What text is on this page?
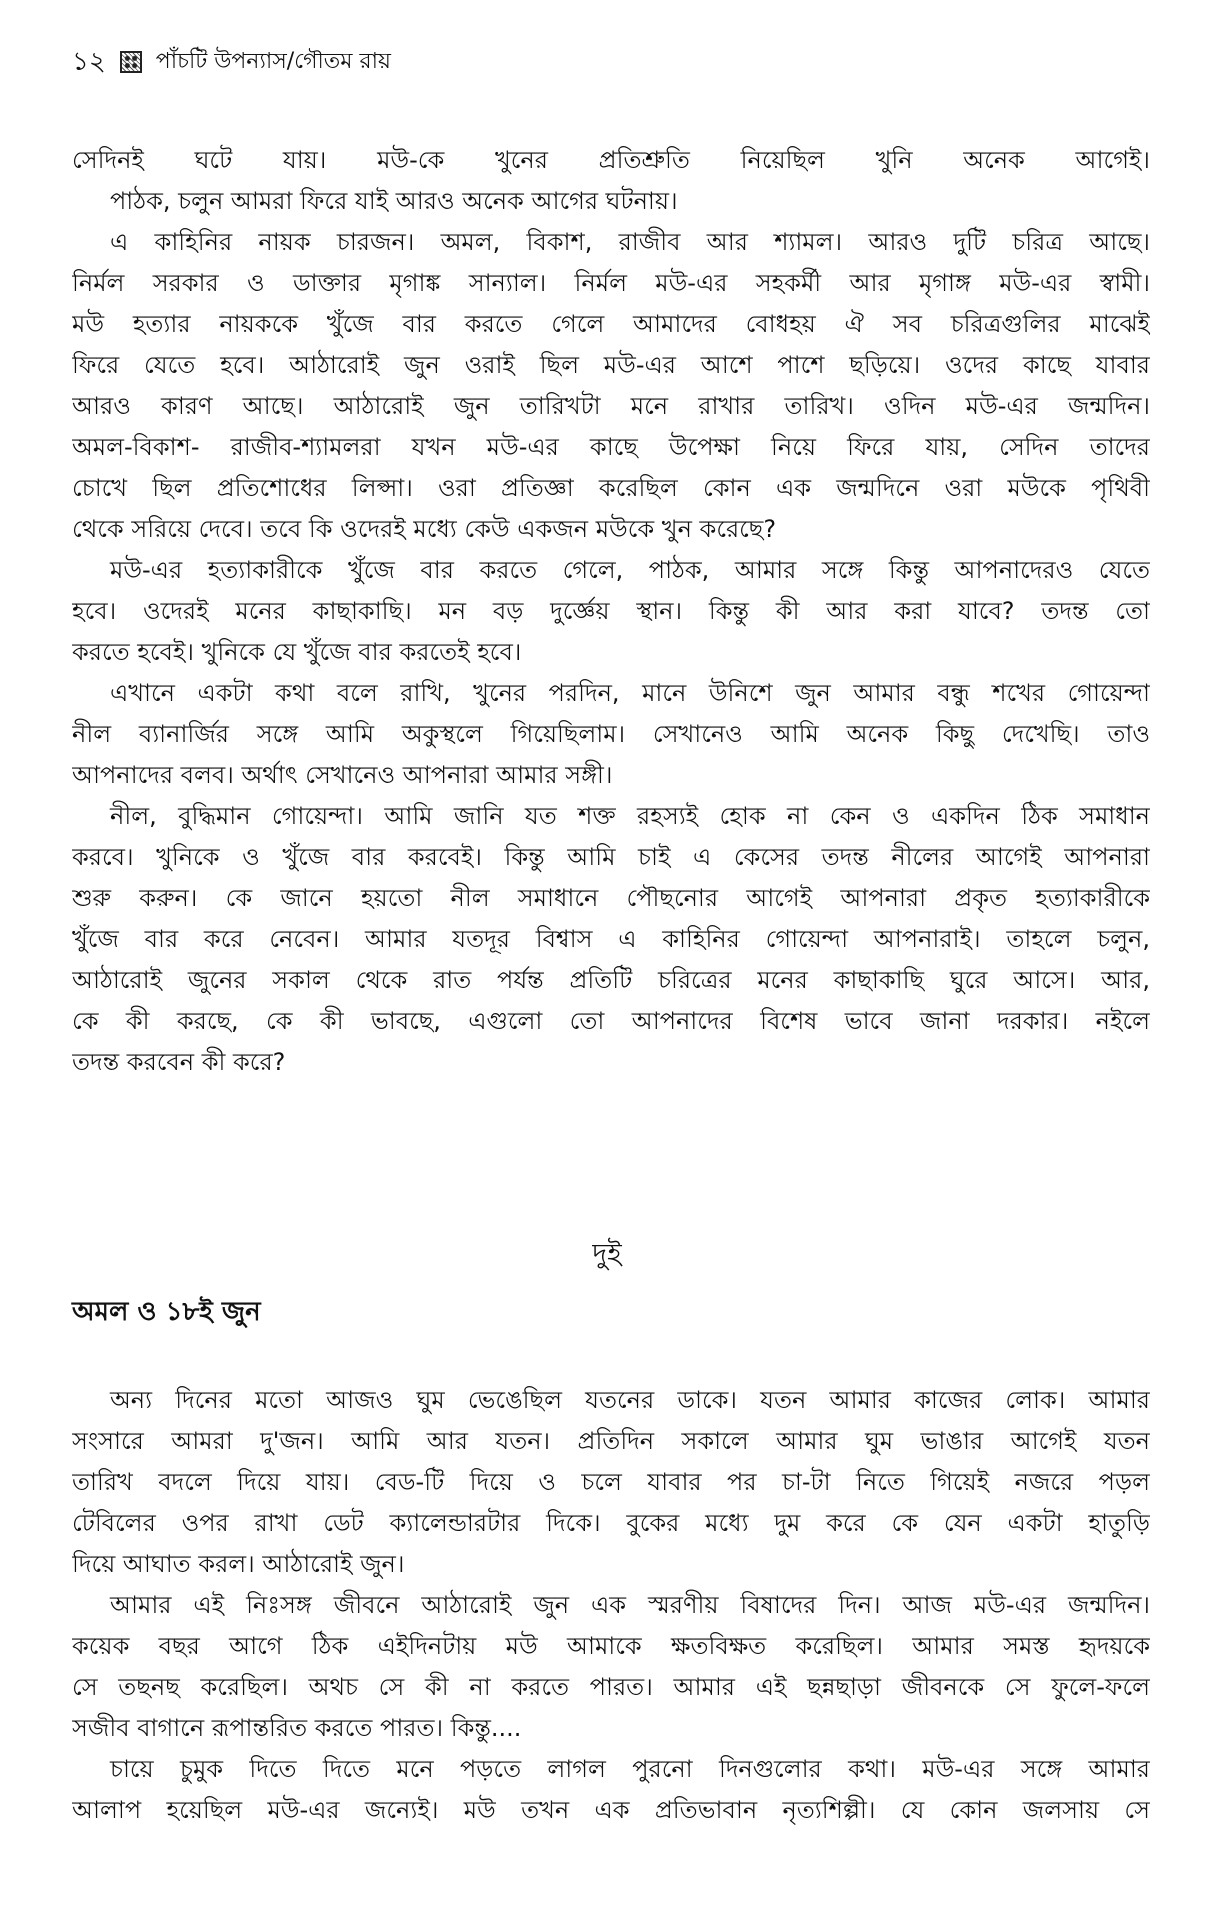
১২ পাঁচটি উপন্যাস/গৌতম রায়
সেদিনই ঘটে যায়। মউ-কে খুনের প্রতিশ্রুতি নিয়েছিল খুনি অনেক আগেই।
পাঠক, চলুন আমরা ফিরে যাই আরও অনেক আগের ঘটনায়।
এ কাহিনির নায়ক চারজন। অমল, বিকাশ, রাজীব আর শ্যামল। আরও দুটি চরিত্র আছে।
নির্মল সরকার ও ডাক্তার মৃগাঙ্ক সান্যাল। নির্মল মউ-এর সহকর্মী আর মৃগাঙ্গ মউ-এর স্বামী।
মউ হত্যার নায়ককে খুঁজে বার করতে গেলে আমাদের বোধহয় ঐ সব চরিত্রগুলির মাঝেই
ফিরে যেতে হবে। আঠারোই জুন ওরাই ছিল মউ-এর আশে পাশে ছড়িয়ে। ওদের কাছে যাবার
আরও কারণ আছে। আঠারোই জুন তারিখটা মনে রাখার তারিখ। ওদিন মউ-এর জন্মদিন।
অমল-বিকাশ- রাজীব-শ্যামলরা যখন মউ-এর কাছে উপেক্ষা নিয়ে ফিরে যায়, সেদিন তাদের
চোখে ছিল প্রতিশোধের লিপ্সা। ওরা প্রতিজ্ঞা করেছিল কোন এক জন্মদিনে ওরা মউকে পৃথিবী
থেকে সরিয়ে দেবে। তবে কি ওদেরই মধ্যে কেউ একজন মউকে খুন করেছে?
মউ-এর হত্যাকারীকে খুঁজে বার করতে গেলে, পাঠক, আমার সঙ্গে কিন্তু আপনাদেরও যেতে
হবে। ওদেরই মনের কাছাকাছি। মন বড় দুর্জ্ঞেয় স্থান। কিন্তু কী আর করা যাবে? তদন্ত তো
করতে হবেই। খুনিকে যে খুঁজে বার করতেই হবে।
এখানে একটা কথা বলে রাখি, খুনের পরদিন, মানে উনিশে জুন আমার বন্ধু শখের গোয়েন্দা
নীল ব্যানার্জির সঙ্গে আমি অকুস্থলে গিয়েছিলাম। সেখানেও আমি অনেক কিছু দেখেছি। তাও
আপনাদের বলব। অর্থাৎ সেখানেও আপনারা আমার সঙ্গী।
নীল, বুদ্ধিমান গোয়েন্দা। আমি জানি যত শক্ত রহস্যই হোক না কেন ও একদিন ঠিক সমাধান
করবে। খুনিকে ও খুঁজে বার করবেই। কিন্তু আমি চাই এ কেসের তদন্ত নীলের আগেই আপনারা
শুরু করুন। কে জানে হয়তো নীল সমাধানে পৌছনোর আগেই আপনারা প্রকৃত হত্যাকারীকে
খুঁজে বার করে নেবেন। আমার যতদূর বিশ্বাস এ কাহিনির গোয়েন্দা আপনারাই। তাহলে চলুন,
আঠারোই জুনের সকাল থেকে রাত পর্যন্ত প্রতিটি চরিত্রের মনের কাছাকাছি ঘুরে আসে। আর,
কে কী করছে, কে কী ভাবছে, এগুলো তো আপনাদের বিশেষ ভাবে জানা দরকার। নইলে
তদন্ত করবেন কী করে?
দুই
অমল ও ১৮ই জুন
অন্য দিনের মতো আজও ঘুম ভেঙেছিল যতনের ডাকে। যতন আমার কাজের লোক। আমার
সংসারে আমরা দু'জন। আমি আর যতন। প্রতিদিন সকালে আমার ঘুম ভাঙার আগেই যতন
তারিখ বদলে দিয়ে যায়। বেড-টি দিয়ে ও চলে যাবার পর চা-টা নিতে গিয়েই নজরে পড়ল
টেবিলের ওপর রাখা ডেট ক্যালেন্ডারটার দিকে। বুকের মধ্যে দুম করে কে যেন একটা হাতুড়ি
দিয়ে আঘাত করল। আঠারোই জুন।
আমার এই নিঃসঙ্গ জীবনে আঠারোই জুন এক স্মরণীয় বিষাদের দিন। আজ মউ-এর জন্মদিন।
কয়েক বছর আগে ঠিক এইদিনটায় মউ আমাকে ক্ষতবিক্ষত করেছিল। আমার সমস্ত হৃদয়কে
সে তছনছ করেছিল। অথচ সে কী না করতে পারত। আমার এই ছন্নছাড়া জীবনকে সে ফুলে-ফলে
সজীব বাগানে রূপান্তরিত করতে পারত। কিন্তু....
চায়ে চুমুক দিতে দিতে মনে পড়তে লাগল পুরনো দিনগুলোর কথা। মউ-এর সঙ্গে আমার
আলাপ হয়েছিল মউ-এর জন্যেই। মউ তখন এক প্রতিভাবান নৃত্যশিল্পী। যে কোন জলসায় সে
